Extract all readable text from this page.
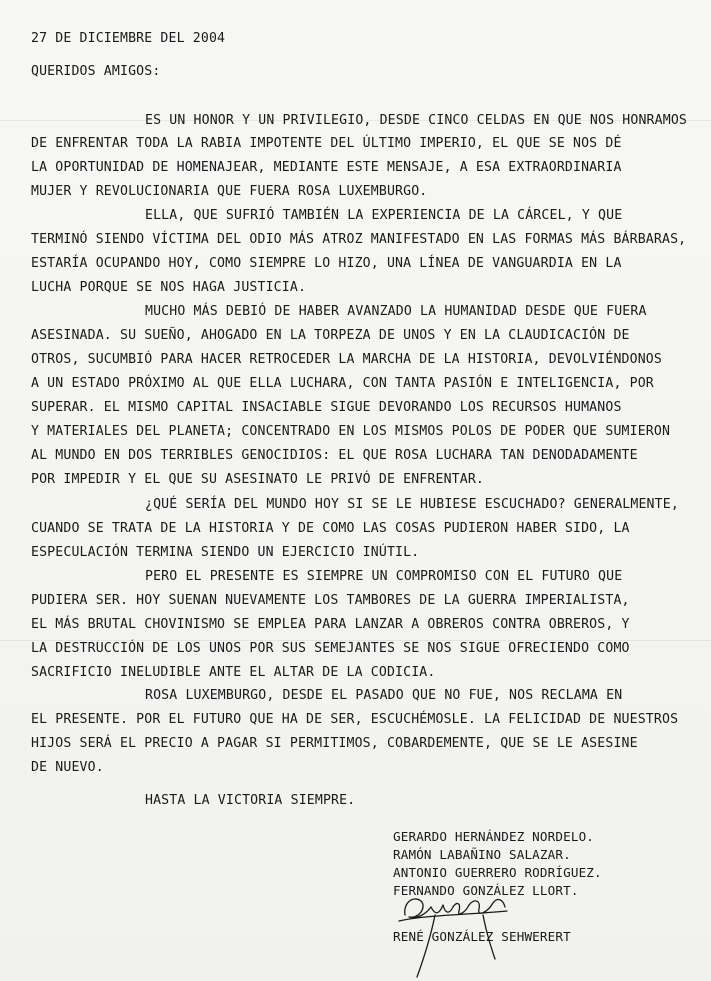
27 DE DICIEMBRE DEL 2004
QUERIDOS AMIGOS:
ES UN HONOR Y UN PRIVILEGIO, DESDE CINCO CELDAS EN QUE NOS HONRAMOS
DE ENFRENTAR TODA LA RABIA IMPOTENTE DEL ÚLTIMO IMPERIO, EL QUE SE NOS DÉ
LA OPORTUNIDAD DE HOMENAJEAR, MEDIANTE ESTE MENSAJE, A ESA EXTRAORDINARIA
MUJER Y REVOLUCIONARIA QUE FUERA ROSA LUXEMBURGO.
ELLA, QUE SUFRIÓ TAMBIÉN LA EXPERIENCIA DE LA CÁRCEL, Y QUE
TERMINÓ SIENDO VÍCTIMA DEL ODIO MÁS ATROZ MANIFESTADO EN LAS FORMAS MÁS BÁRBARAS,
ESTARÍA OCUPANDO HOY, COMO SIEMPRE LO HIZO, UNA LÍNEA DE VANGUARDIA EN LA
LUCHA PORQUE SE NOS HAGA JUSTICIA.
MUCHO MÁS DEBIÓ DE HABER AVANZADO LA HUMANIDAD DESDE QUE FUERA
ASESINADA. SU SUEÑO, AHOGADO EN LA TORPEZA DE UNOS Y EN LA CLAUDICACIÓN DE
OTROS, SUCUMBIÓ PARA HACER RETROCEDER LA MARCHA DE LA HISTORIA, DEVOLVIÉNDONOS
A UN ESTADO PRÓXIMO AL QUE ELLA LUCHARA, CON TANTA PASIÓN E INTELIGENCIA, POR
SUPERAR. EL MISMO CAPITAL INSACIABLE SIGUE DEVORANDO LOS RECURSOS HUMANOS
Y MATERIALES DEL PLANETA; CONCENTRADO EN LOS MISMOS POLOS DE PODER QUE SUMIERON
AL MUNDO EN DOS TERRIBLES GENOCIDIOS: EL QUE ROSA LUCHARA TAN DENODADAMENTE
POR IMPEDIR Y EL QUE SU ASESINATO LE PRIVÓ DE ENFRENTAR.
¿QUÉ SERÍA DEL MUNDO HOY SI SE LE HUBIESE ESCUCHADO? GENERALMENTE,
CUANDO SE TRATA DE LA HISTORIA Y DE COMO LAS COSAS PUDIERON HABER SIDO, LA
ESPECULACIÓN TERMINA SIENDO UN EJERCICIO INÚTIL.
PERO EL PRESENTE ES SIEMPRE UN COMPROMISO CON EL FUTURO QUE
PUDIERA SER. HOY SUENAN NUEVAMENTE LOS TAMBORES DE LA GUERRA IMPERIALISTA,
EL MÁS BRUTAL CHOVINISMO SE EMPLEA PARA LANZAR A OBREROS CONTRA OBREROS, Y
LA DESTRUCCIÓN DE LOS UNOS POR SUS SEMEJANTES SE NOS SIGUE OFRECIENDO COMO
SACRIFICIO INELUDIBLE ANTE EL ALTAR DE LA CODICIA.
ROSA LUXEMBURGO, DESDE EL PASADO QUE NO FUE, NOS RECLAMA EN
EL PRESENTE. POR EL FUTURO QUE HA DE SER, ESCUCHÉMOSLE. LA FELICIDAD DE NUESTROS
HIJOS SERÁ EL PRECIO A PAGAR SI PERMITIMOS, COBARDEMENTE, QUE SE LE ASESINE
DE NUEVO.
HASTA LA VICTORIA SIEMPRE.
GERARDO HERNÁNDEZ NORDELO.
RAMÓN LABAÑINO SALAZAR.
ANTONIO GUERRERO RODRÍGUEZ.
FERNANDO GONZÁLEZ LLORT.
RENÉ GONZÁLEZ SEHWERERT
